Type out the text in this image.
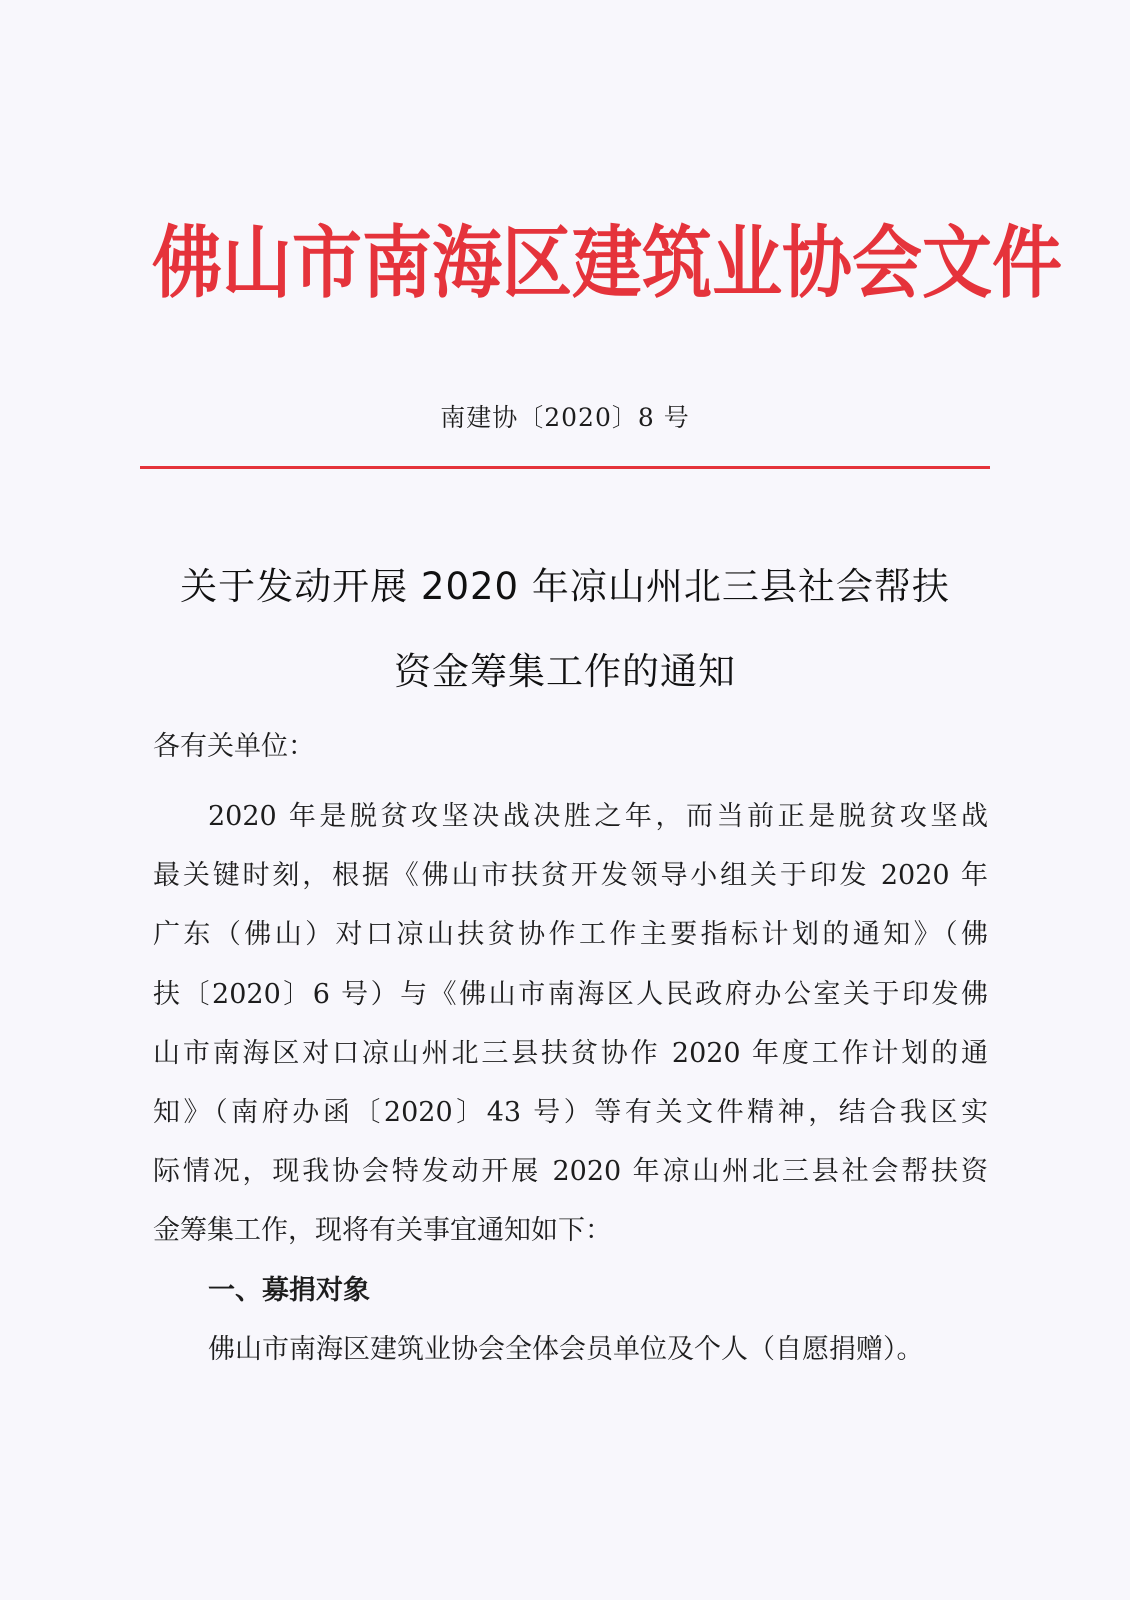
佛 山 市 南 海 区 建 筑 业 协 会 文 件
南建协〔2020〕8 号
关于发动开展 2020 年凉山州北三县社会帮扶
资金筹集工作的通知
各有关单位：
2020 年是脱贫攻坚决战决胜之年，而当前正是脱贫攻坚战
最关键时刻，根据《佛山市扶贫开发领导小组关于印发 2020 年
广东（佛山）对口凉山扶贫协作工作主要指标计划的通知》（佛
扶〔2020〕6 号）与《佛山市南海区人民政府办公室关于印发佛
山市南海区对口凉山州北三县扶贫协作 2020 年度工作计划的通
知》（南府办函〔2020〕43 号）等有关文件精神，结合我区实
际情况，现我协会特发动开展 2020 年凉山州北三县社会帮扶资
金筹集工作，现将有关事宜通知如下：
一、募捐对象
佛山市南海区建筑业协会全体会员单位及个人（自愿捐赠）。
